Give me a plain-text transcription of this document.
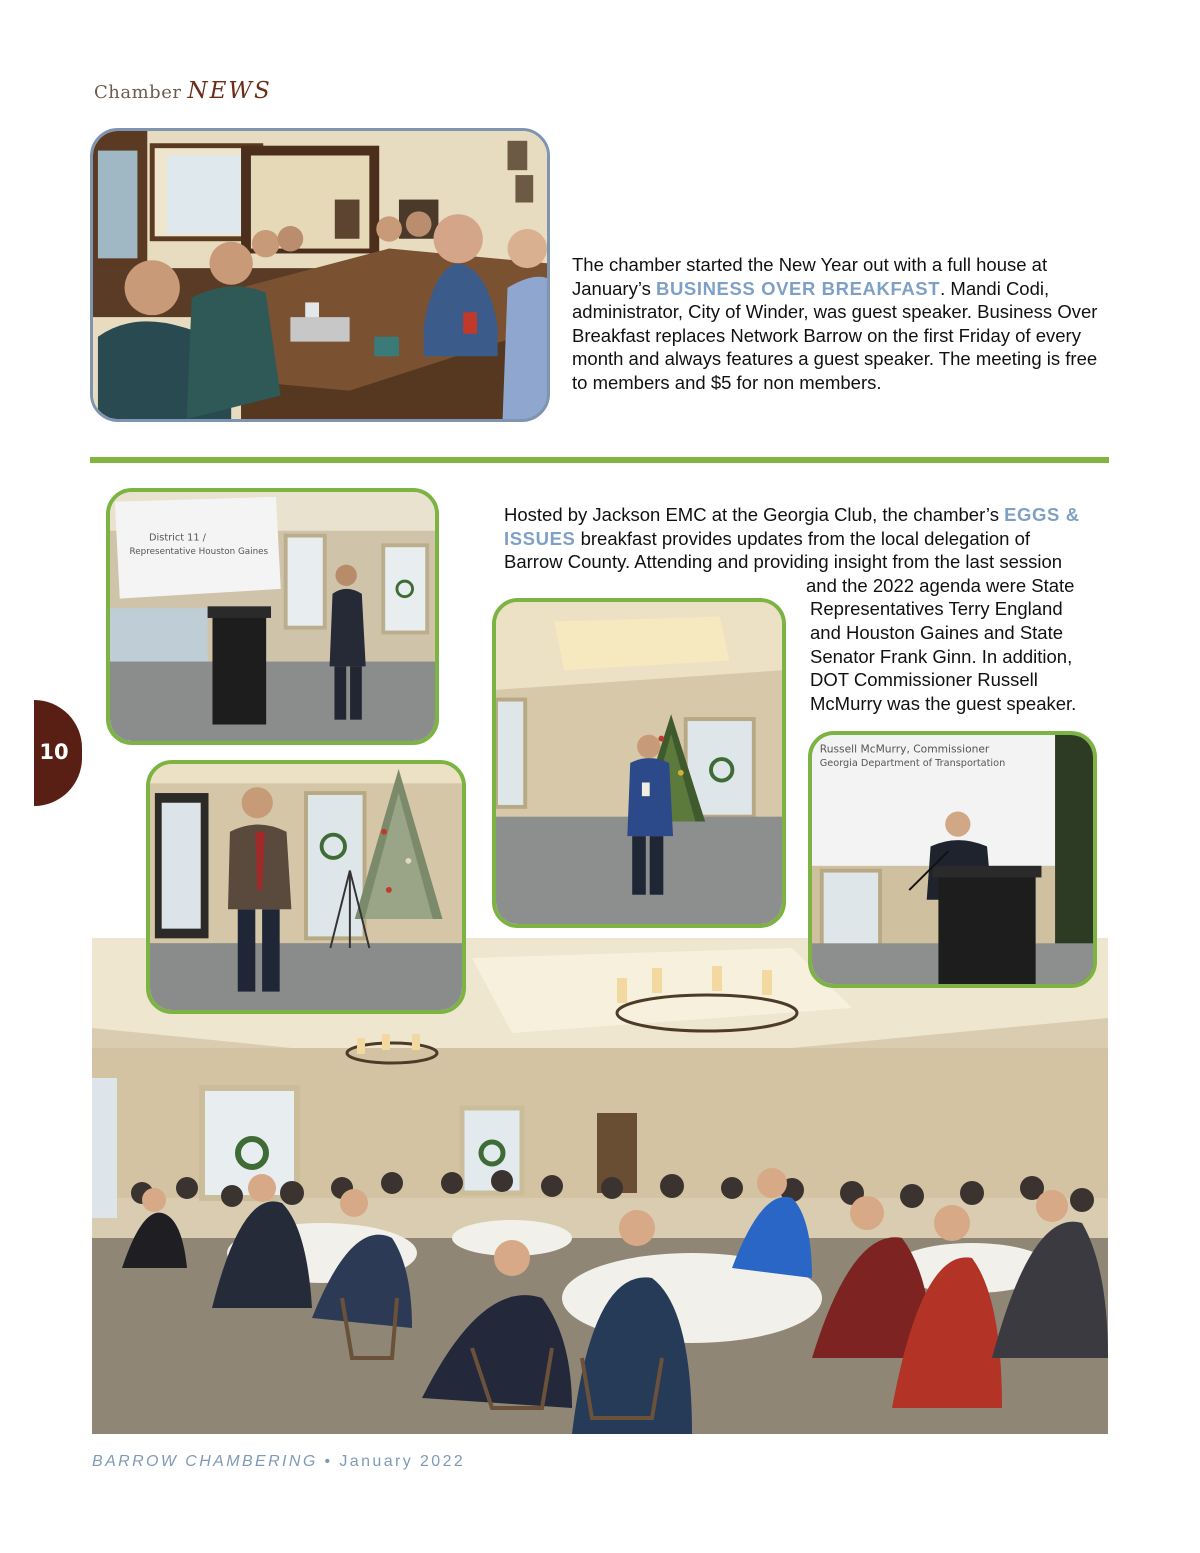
Chamber NEWS
The chamber started the New Year out with a full house at
January’s BUSINESS OVER BREAKFAST. Mandi Codi,
administrator, City of Winder, was guest speaker. Business Over
Breakfast replaces Network Barrow on the first Friday of every
month and always features a guest speaker. The meeting is free
to members and $5 for non members.
Hosted by Jackson EMC at the Georgia Club, the chamber’s EGGS &
ISSUES breakfast provides updates from the local delegation of
Barrow County. Attending and providing insight from the last session
and the 2022 agenda were State
Representatives Terry England
and Houston Gaines and State
Senator Frank Ginn. In addition,
DOT Commissioner Russell
McMurry was the guest speaker.
10
District 11 /
Representative Houston Gaines
Russell McMurry, Commissioner
Georgia Department of Transportation
BARROW CHAMBERING • January 2022
